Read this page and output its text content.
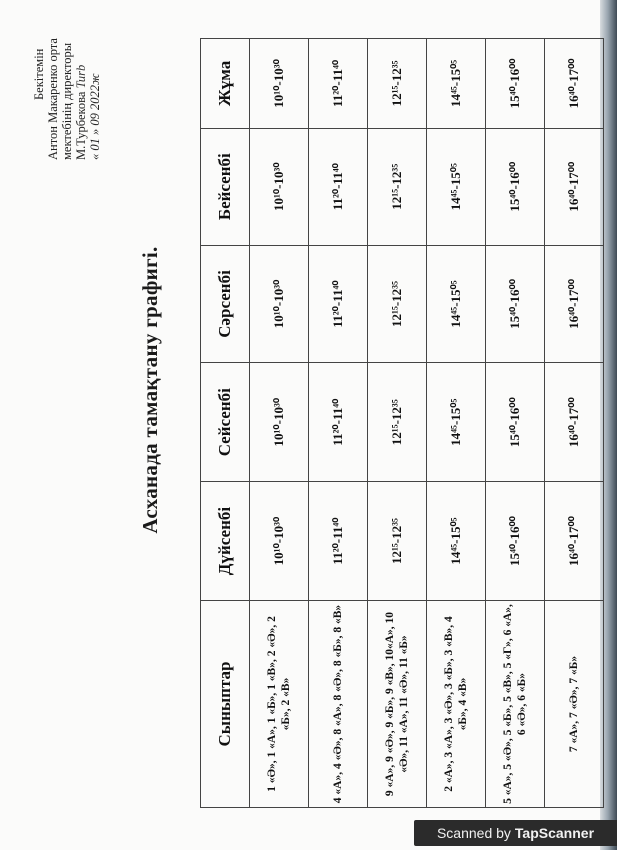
Бекітемін Антон Макаренко орта мектебінің директоры М.Турбекова Turb « 01 » 09 2022ж
Асханада тамақтану графигі.
Сыныптар	Дүйсенбі	Сейсенбі	Сәрсенбі	Бейсенбі	Жұма
1 «Ә», 1 «А», 1 «Б», 1 «В», 2 «Ә», 2 «Б», 2 «В»	10¹⁰-10³⁰	10¹⁰-10³⁰	10¹⁰-10³⁰	10¹⁰-10³⁰	10¹⁰-10³⁰
4 «А», 4 «Ә», 8 «А», 8 «Ә», 8 «Б», 8 «В»	11²⁰-11⁴⁰	11²⁰-11⁴⁰	11²⁰-11⁴⁰	11²⁰-11⁴⁰	11²⁰-11⁴⁰
9 «А», 9 «Ә», 9 «Б», 9 «В», 10«А», 10 «Ә», 11 «А», 11 «Ә», 11 «Б»	12¹⁵-12³⁵	12¹⁵-12³⁵	12¹⁵-12³⁵	12¹⁵-12³⁵	12¹⁵-12³⁵
2 «А», 3 «А», 3 «Ә», 3 «Б», 3 «В», 4 «Б», 4 «В»	14⁴⁵-15⁰⁵	14⁴⁵-15⁰⁵	14⁴⁵-15⁰⁵	14⁴⁵-15⁰⁵	14⁴⁵-15⁰⁵
5 «А», 5 «Ә», 5 «Б», 5 «В», 5 «Г», 6 «А», 6 «Ә», 6 «Б»	15⁴⁰-16⁰⁰	15⁴⁰-16⁰⁰	15⁴⁰-16⁰⁰	15⁴⁰-16⁰⁰	15⁴⁰-16⁰⁰
7 «А», 7 «Ә», 7 «Б»	16⁴⁰-17⁰⁰	16⁴⁰-17⁰⁰	16⁴⁰-17⁰⁰	16⁴⁰-17⁰⁰	16⁴⁰-17⁰⁰
Scanned by TapScanner
